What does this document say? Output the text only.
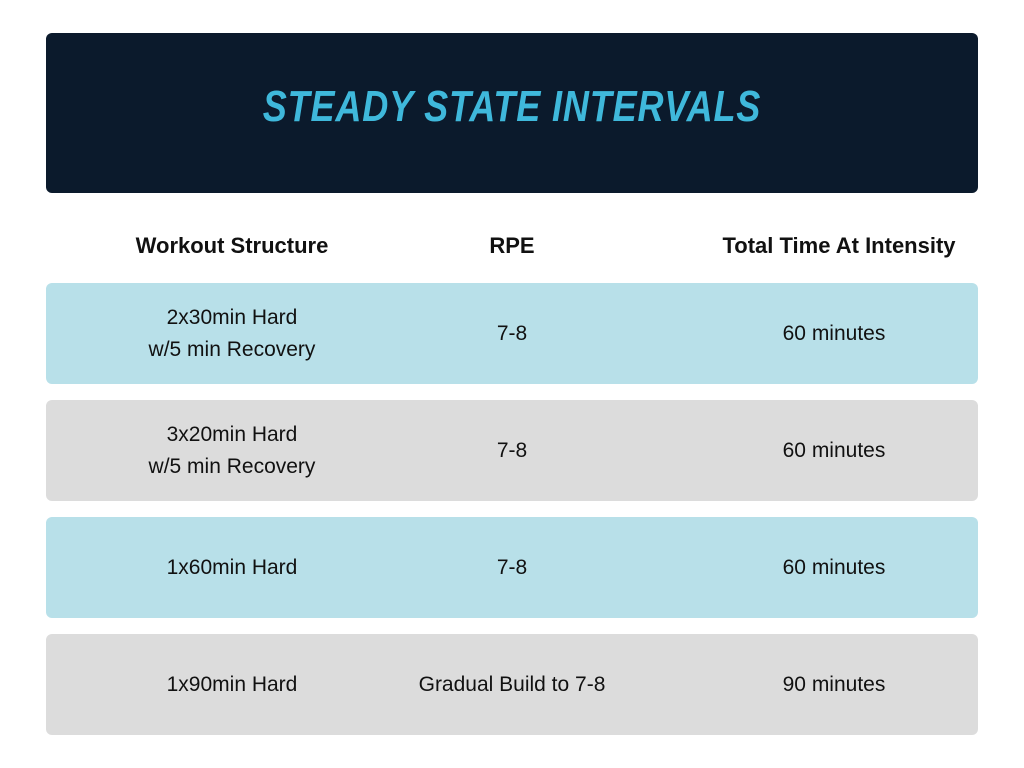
STEADY STATE INTERVALS
Workout Structure	RPE	Total Time At Intensity
2x30min Hard
w/5 min Recovery
7-8	60 minutes
3x20min Hard
w/5 min Recovery
7-8	60 minutes
1x60min Hard	7-8	60 minutes
1x90min Hard	Gradual Build to 7-8	90 minutes
